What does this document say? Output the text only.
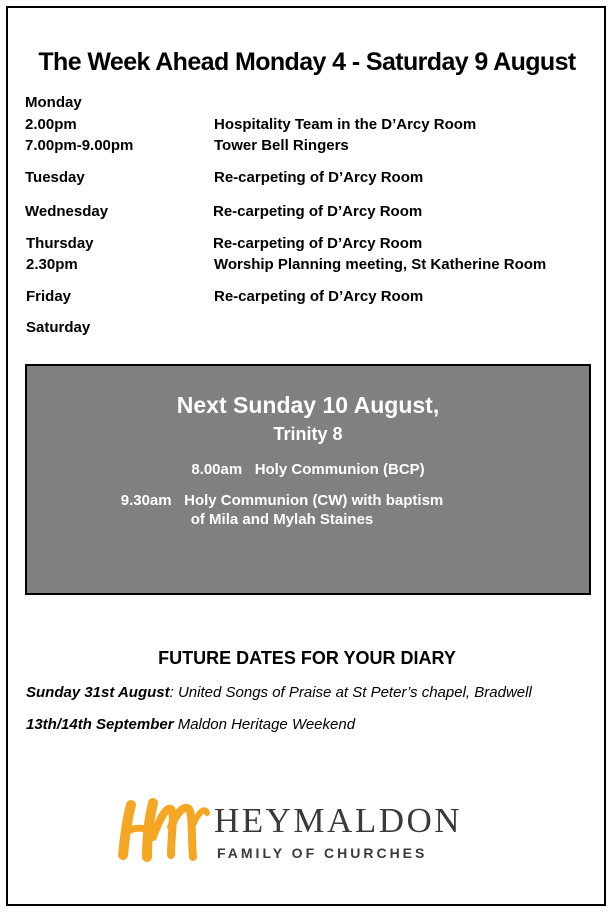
The Week Ahead Monday 4 - Saturday 9 August
Monday
2.00pm	Hospitality Team in the D’Arcy Room
7.00pm-9.00pm	Tower Bell Ringers
Tuesday	Re-carpeting of D’Arcy Room
Wednesday	Re-carpeting of D’Arcy Room
Thursday	Re-carpeting of D’Arcy Room
2.30pm	Worship Planning meeting, St Katherine Room
Friday	Re-carpeting of D’Arcy Room
Saturday
Next Sunday 10 August,
Trinity 8
8.00am   Holy Communion (BCP)
9.30am   Holy Communion (CW) with baptism
of Mila and Mylah Staines
FUTURE DATES FOR YOUR DIARY
Sunday 31st August: United Songs of Praise at St Peter’s chapel, Bradwell
13th/14th September Maldon Heritage Weekend
HEYMALDON
FAMILY OF CHURCHES
